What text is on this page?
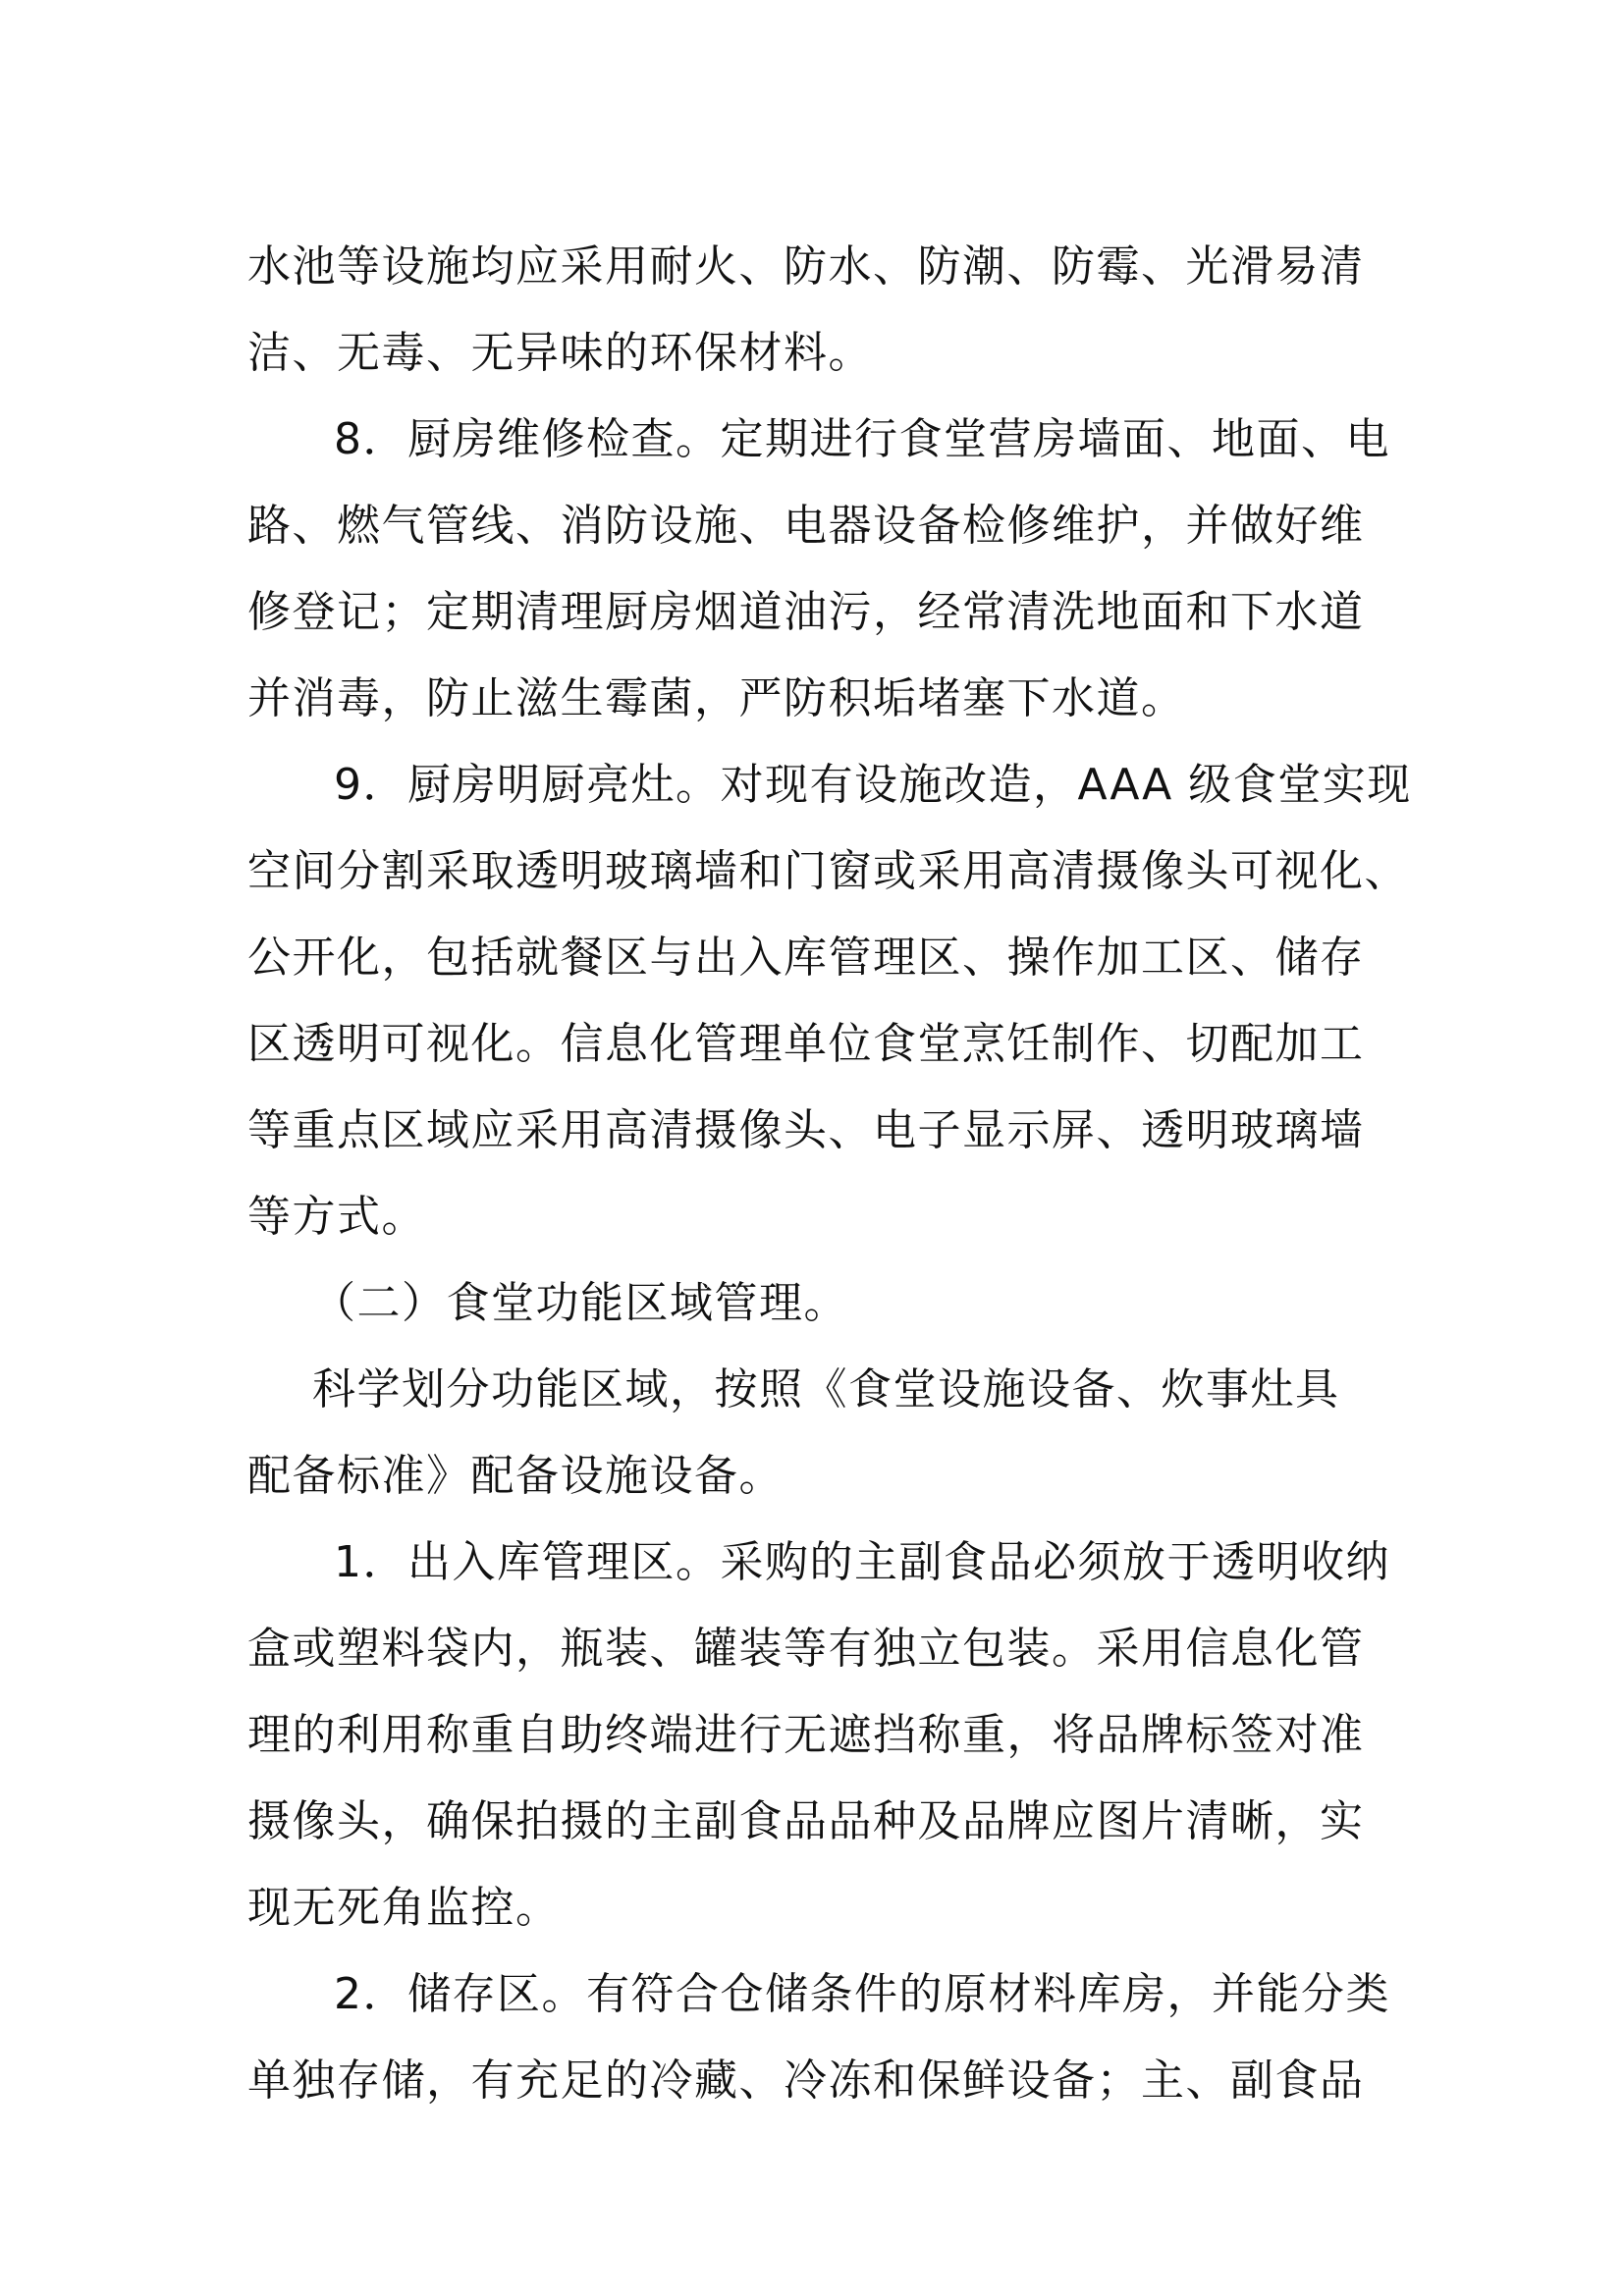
水池等设施均应采用耐火、防水、防潮、防霉、光滑易清

洁、无毒、无异味的环保材料。

8．厨房维修检查。定期进行食堂营房墙面、地面、电

路、燃气管线、消防设施、电器设备检修维护，并做好维

修登记；定期清理厨房烟道油污，经常清洗地面和下水道

并消毒，防止滋生霉菌，严防积垢堵塞下水道。

9．厨房明厨亮灶。对现有设施改造，AAA 级食堂实现

空间分割采取透明玻璃墙和门窗或采用高清摄像头可视化、

公开化，包括就餐区与出入库管理区、操作加工区、储存

区透明可视化。信息化管理单位食堂烹饪制作、切配加工

等重点区域应采用高清摄像头、电子显示屏、透明玻璃墙

等方式。

（二）食堂功能区域管理。

科学划分功能区域，按照《食堂设施设备、炊事灶具

配备标准》配备设施设备。

1．出入库管理区。采购的主副食品必须放于透明收纳

盒或塑料袋内，瓶装、罐装等有独立包装。采用信息化管

理的利用称重自助终端进行无遮挡称重，将品牌标签对准

摄像头，确保拍摄的主副食品品种及品牌应图片清晰，实

现无死角监控。

2．储存区。有符合仓储条件的原材料库房，并能分类

单独存储，有充足的冷藏、冷冻和保鲜设备；主、副食品
